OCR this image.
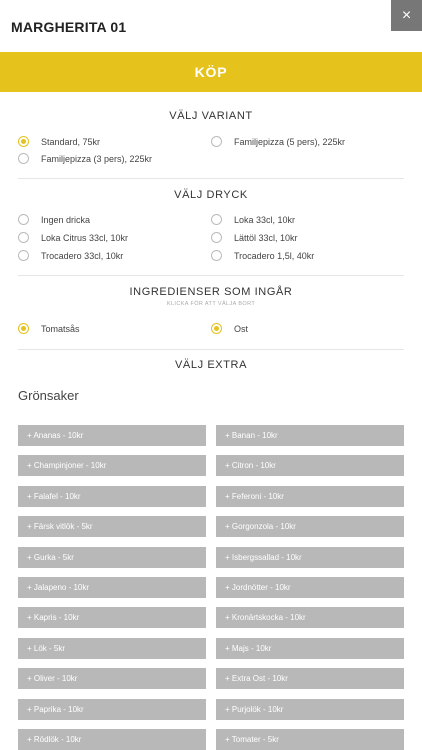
MARGHERITA 01
×
KÖP
VÄLJ VARIANT
Standard, 75kr	Familjepizza (5 pers), 225kr
Familjepizza (3 pers), 225kr
VÄLJ DRYCK
Ingen dricka	Loka 33cl, 10kr
Loka Citrus 33cl, 10kr	Lättöl 33cl, 10kr
Trocadero 33cl, 10kr	Trocadero 1,5l, 40kr
INGREDIENSER SOM INGÅR
KLICKA FÖR ATT VÄLJA BORT
Tomatsås	Ost
VÄLJ EXTRA
Grönsaker
+ Ananas - 10kr	+ Banan - 10kr
+ Champinjoner - 10kr	+ Citron - 10kr
+ Falafel - 10kr	+ Feferoni - 10kr
+ Färsk vitlök - 5kr	+ Gorgonzola - 10kr
+ Gurka - 5kr	+ Isbergssallad - 10kr
+ Jalapeno - 10kr	+ Jordnötter - 10kr
+ Kapris - 10kr	+ Kronärtskocka - 10kr
+ Lök - 5kr	+ Majs - 10kr
+ Oliver - 10kr	+ Extra Ost - 10kr
+ Paprika - 10kr	+ Purjolök - 10kr
+ Rödlök - 10kr	+ Tomater - 5kr
